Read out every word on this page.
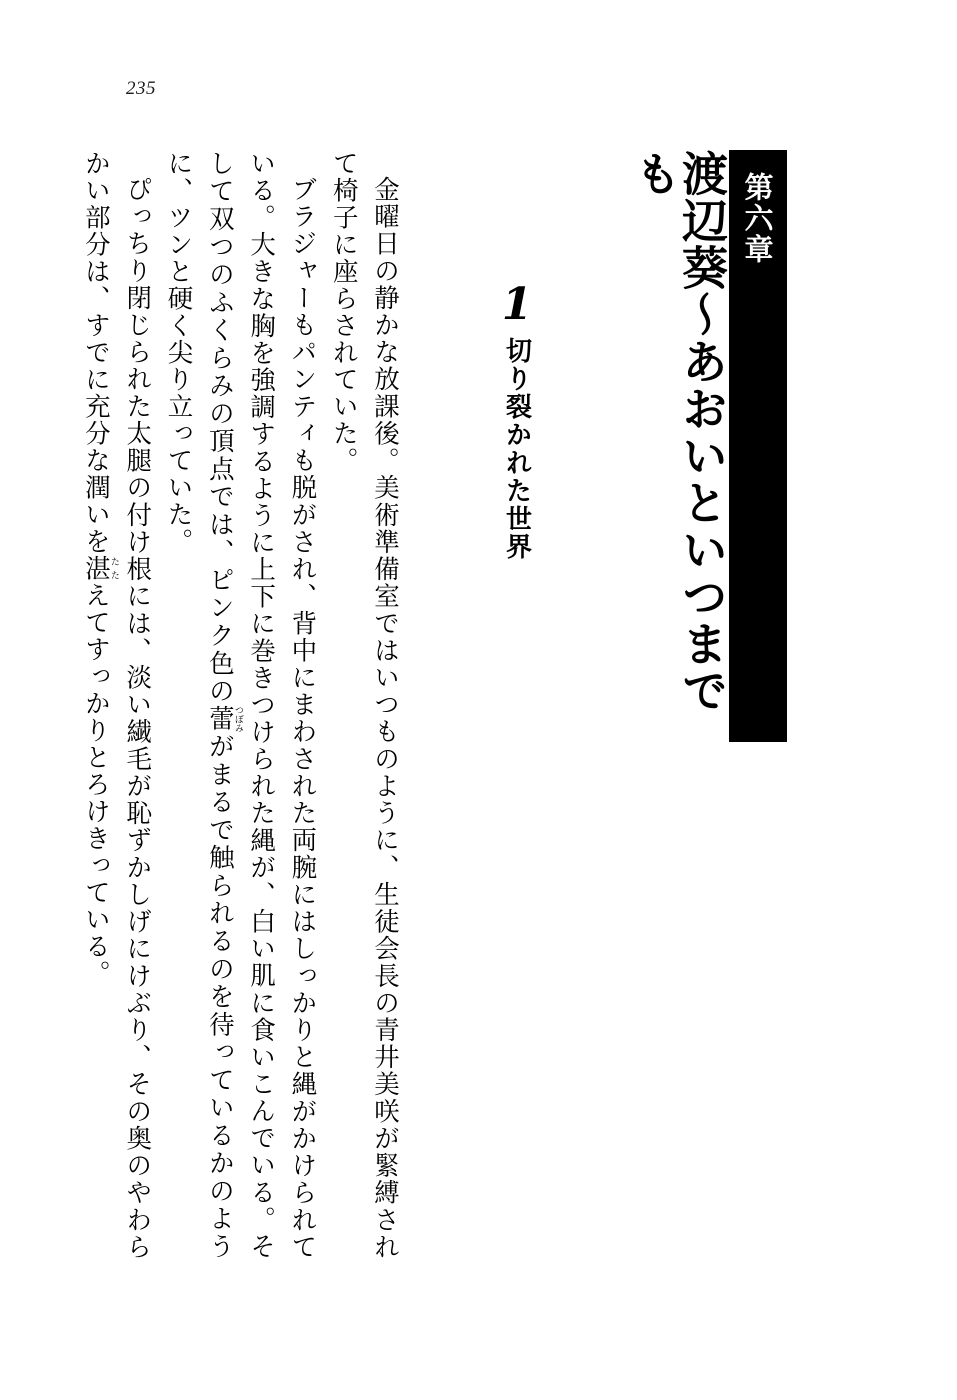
235
渡辺葵～あおいといつまでも	第六章
1
切り裂かれた世界

金曜日の静かな放課後。美術準備室ではいつものように、生徒会長の青井美咲が緊縛されて椅子に座らされていた。

ブラジャーもパンティも脱がされ、背中にまわされた両腕にはしっかりと縄がかけられている。大きな胸を強調するように上下に巻きつけられた縄が、白い肌に食いこんでいる。そして双つのふくらみの頂点では、ピンク色の蕾つぼみがまるで触られるのを待っているかのように、ツンと硬く尖り立っていた。

ぴっちり閉じられた太腿の付け根には、淡い繊毛が恥ずかしげにけぶり、その奥のやわらかい部分は、すでに充分な潤いを湛たたえてすっかりとろけきっている。
